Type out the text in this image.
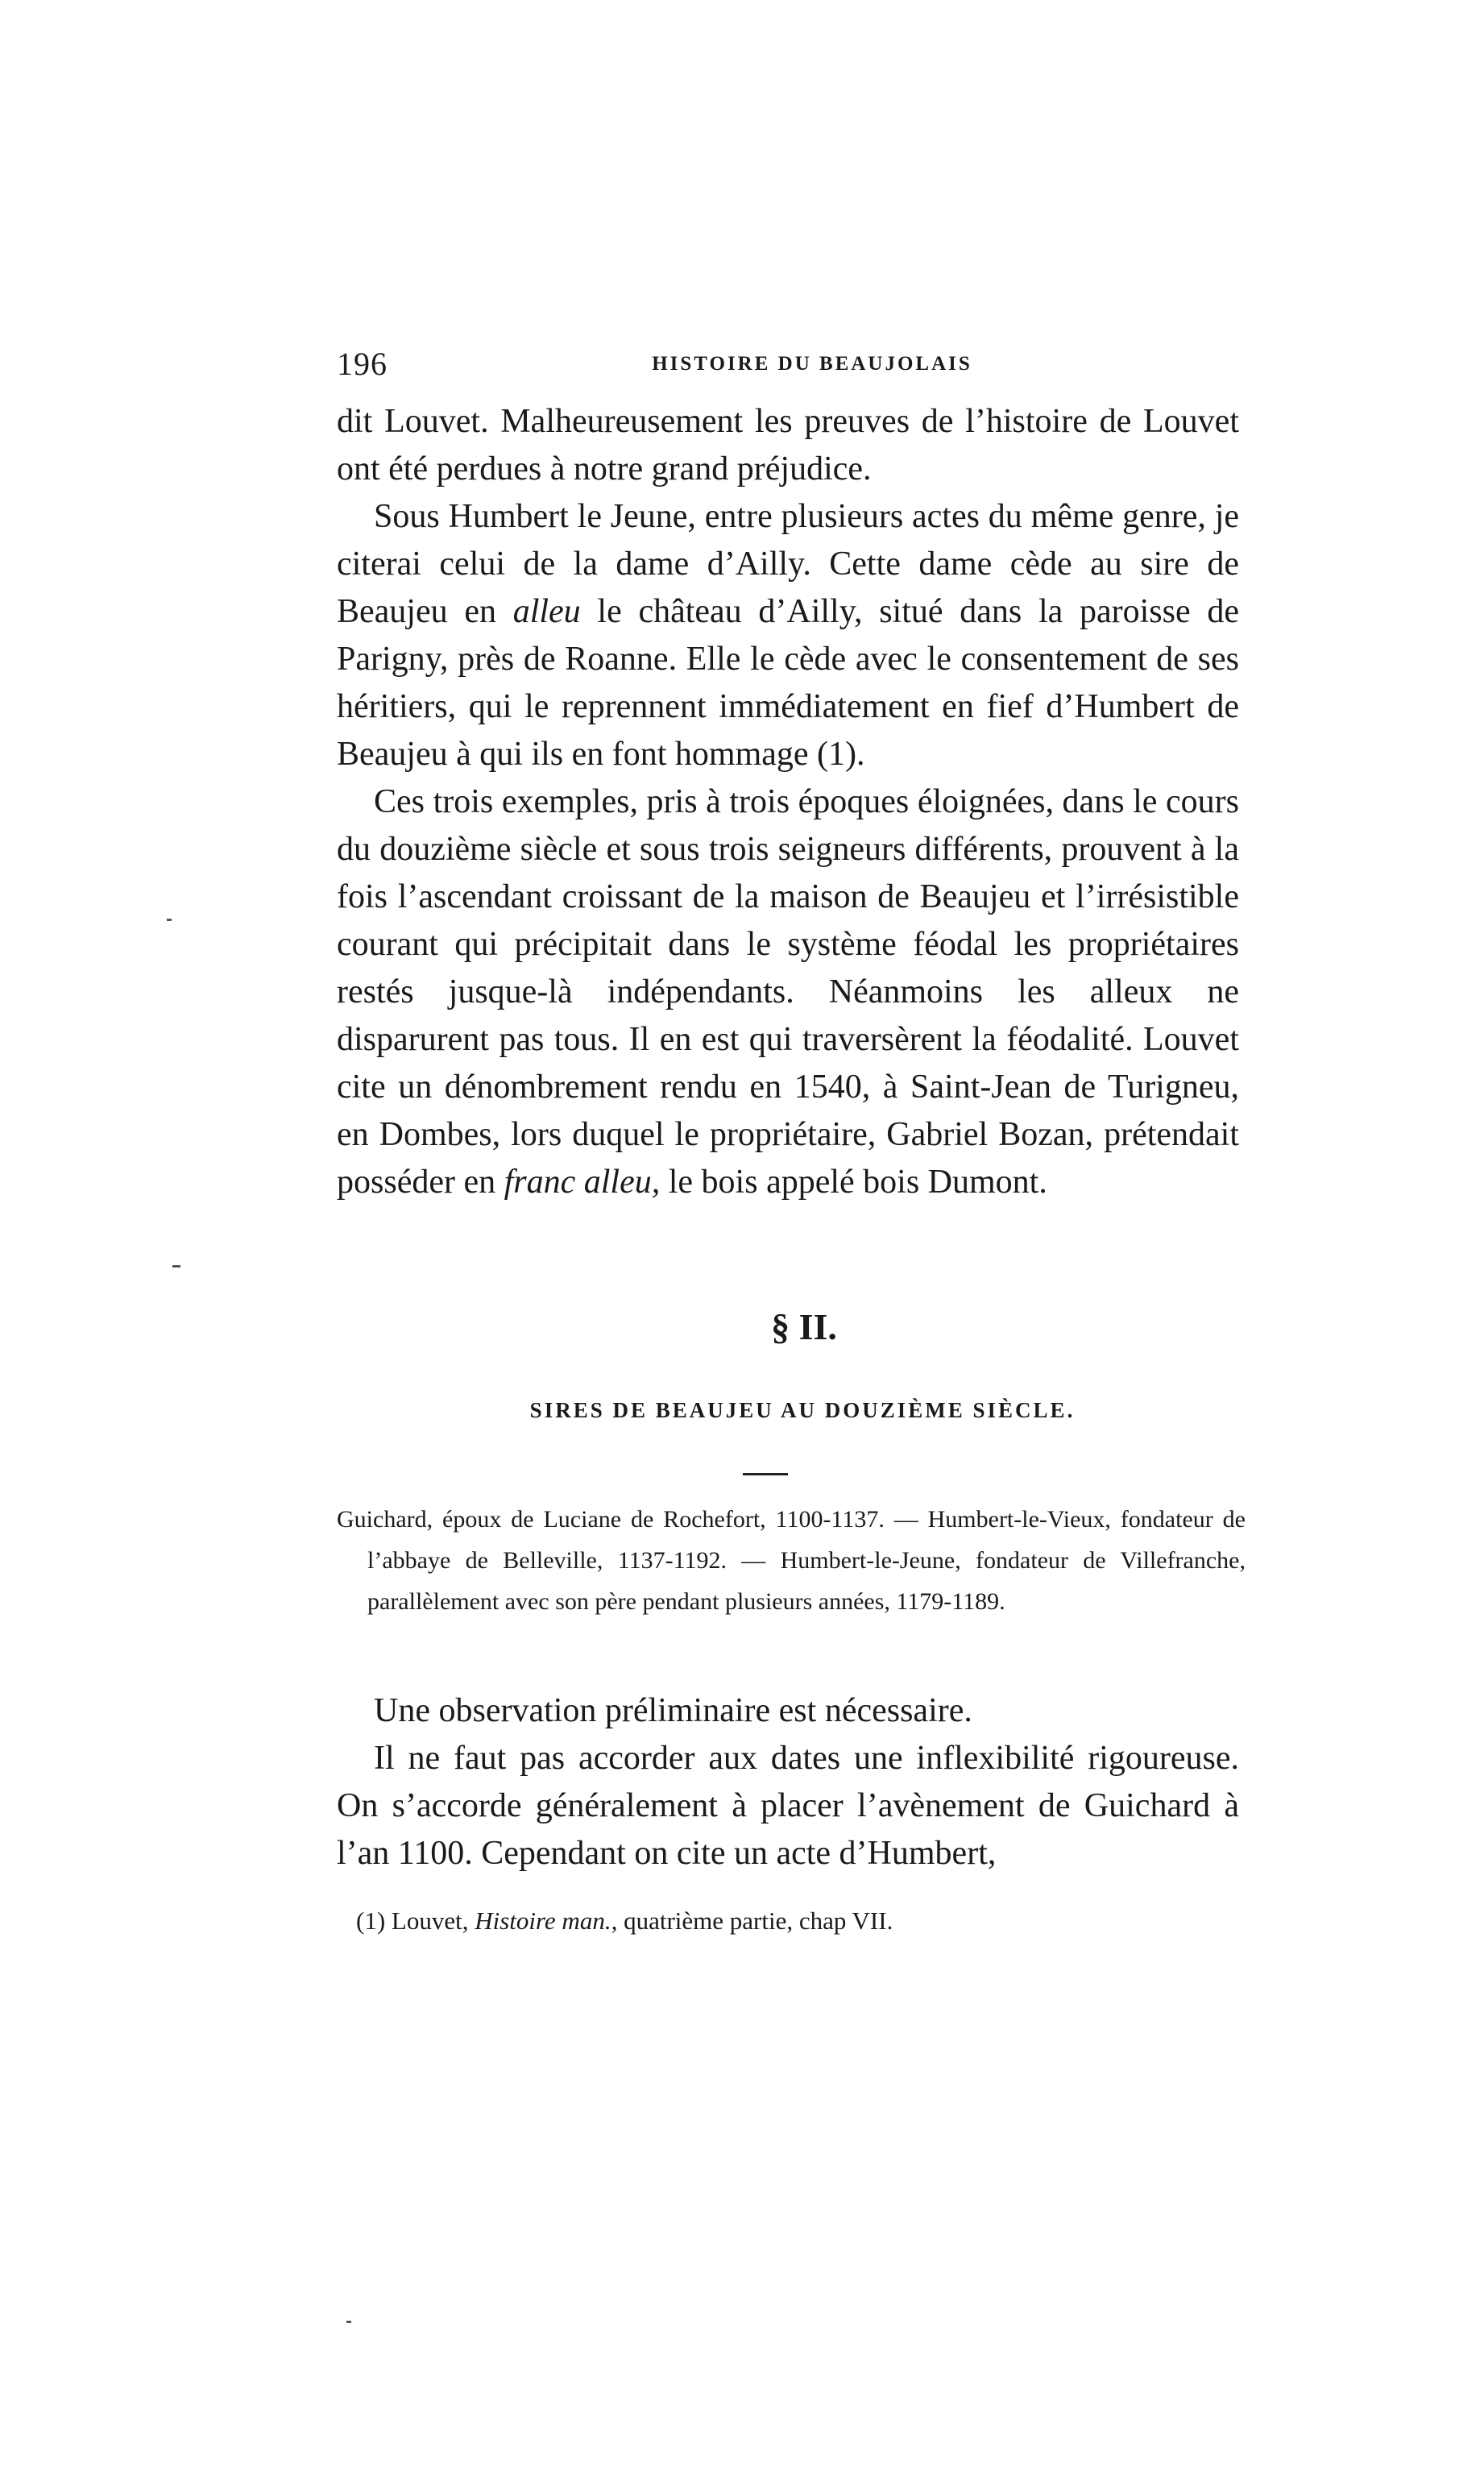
196	HISTOIRE DU BEAUJOLAIS

dit Louvet. Malheureusement les preuves de l’histoire de Louvet ont été perdues à notre grand préjudice.

Sous Humbert le Jeune, entre plusieurs actes du même genre, je citerai celui de la dame d’Ailly. Cette dame cède au sire de Beaujeu en alleu le château d’Ailly, situé dans la paroisse de Parigny, près de Roanne. Elle le cède avec le consentement de ses héritiers, qui le reprennent immédiatement en fief d’Humbert de Beaujeu à qui ils en font hommage (1).

Ces trois exemples, pris à trois époques éloignées, dans le cours du douzième siècle et sous trois seigneurs différents, prouvent à la fois l’ascendant croissant de la maison de Beaujeu et l’irrésistible courant qui précipitait dans le système féodal les propriétaires restés jusque-là indépendants. Néanmoins les alleux ne disparurent pas tous. Il en est qui traversèrent la féodalité. Louvet cite un dénombrement rendu en 1540, à Saint-Jean de Turigneu, en Dombes, lors duquel le propriétaire, Gabriel Bozan, prétendait posséder en franc alleu, le bois appelé bois Dumont.

§ II.
SIRES DE BEAUJEU AU DOUZIÈME SIÈCLE.
Guichard, époux de Luciane de Rochefort, 1100-1137. — Humbert-le-Vieux, fondateur de l’abbaye de Belleville, 1137-1192. — Humbert-le-Jeune, fondateur de Villefranche, parallèlement avec son père pendant plusieurs années, 1179-1189.

Une observation préliminaire est nécessaire.

Il ne faut pas accorder aux dates une inflexibilité rigoureuse. On s’accorde généralement à placer l’avènement de Guichard à l’an 1100. Cependant on cite un acte d’Humbert,

(1) Louvet, Histoire man., quatrième partie, chap VII.
